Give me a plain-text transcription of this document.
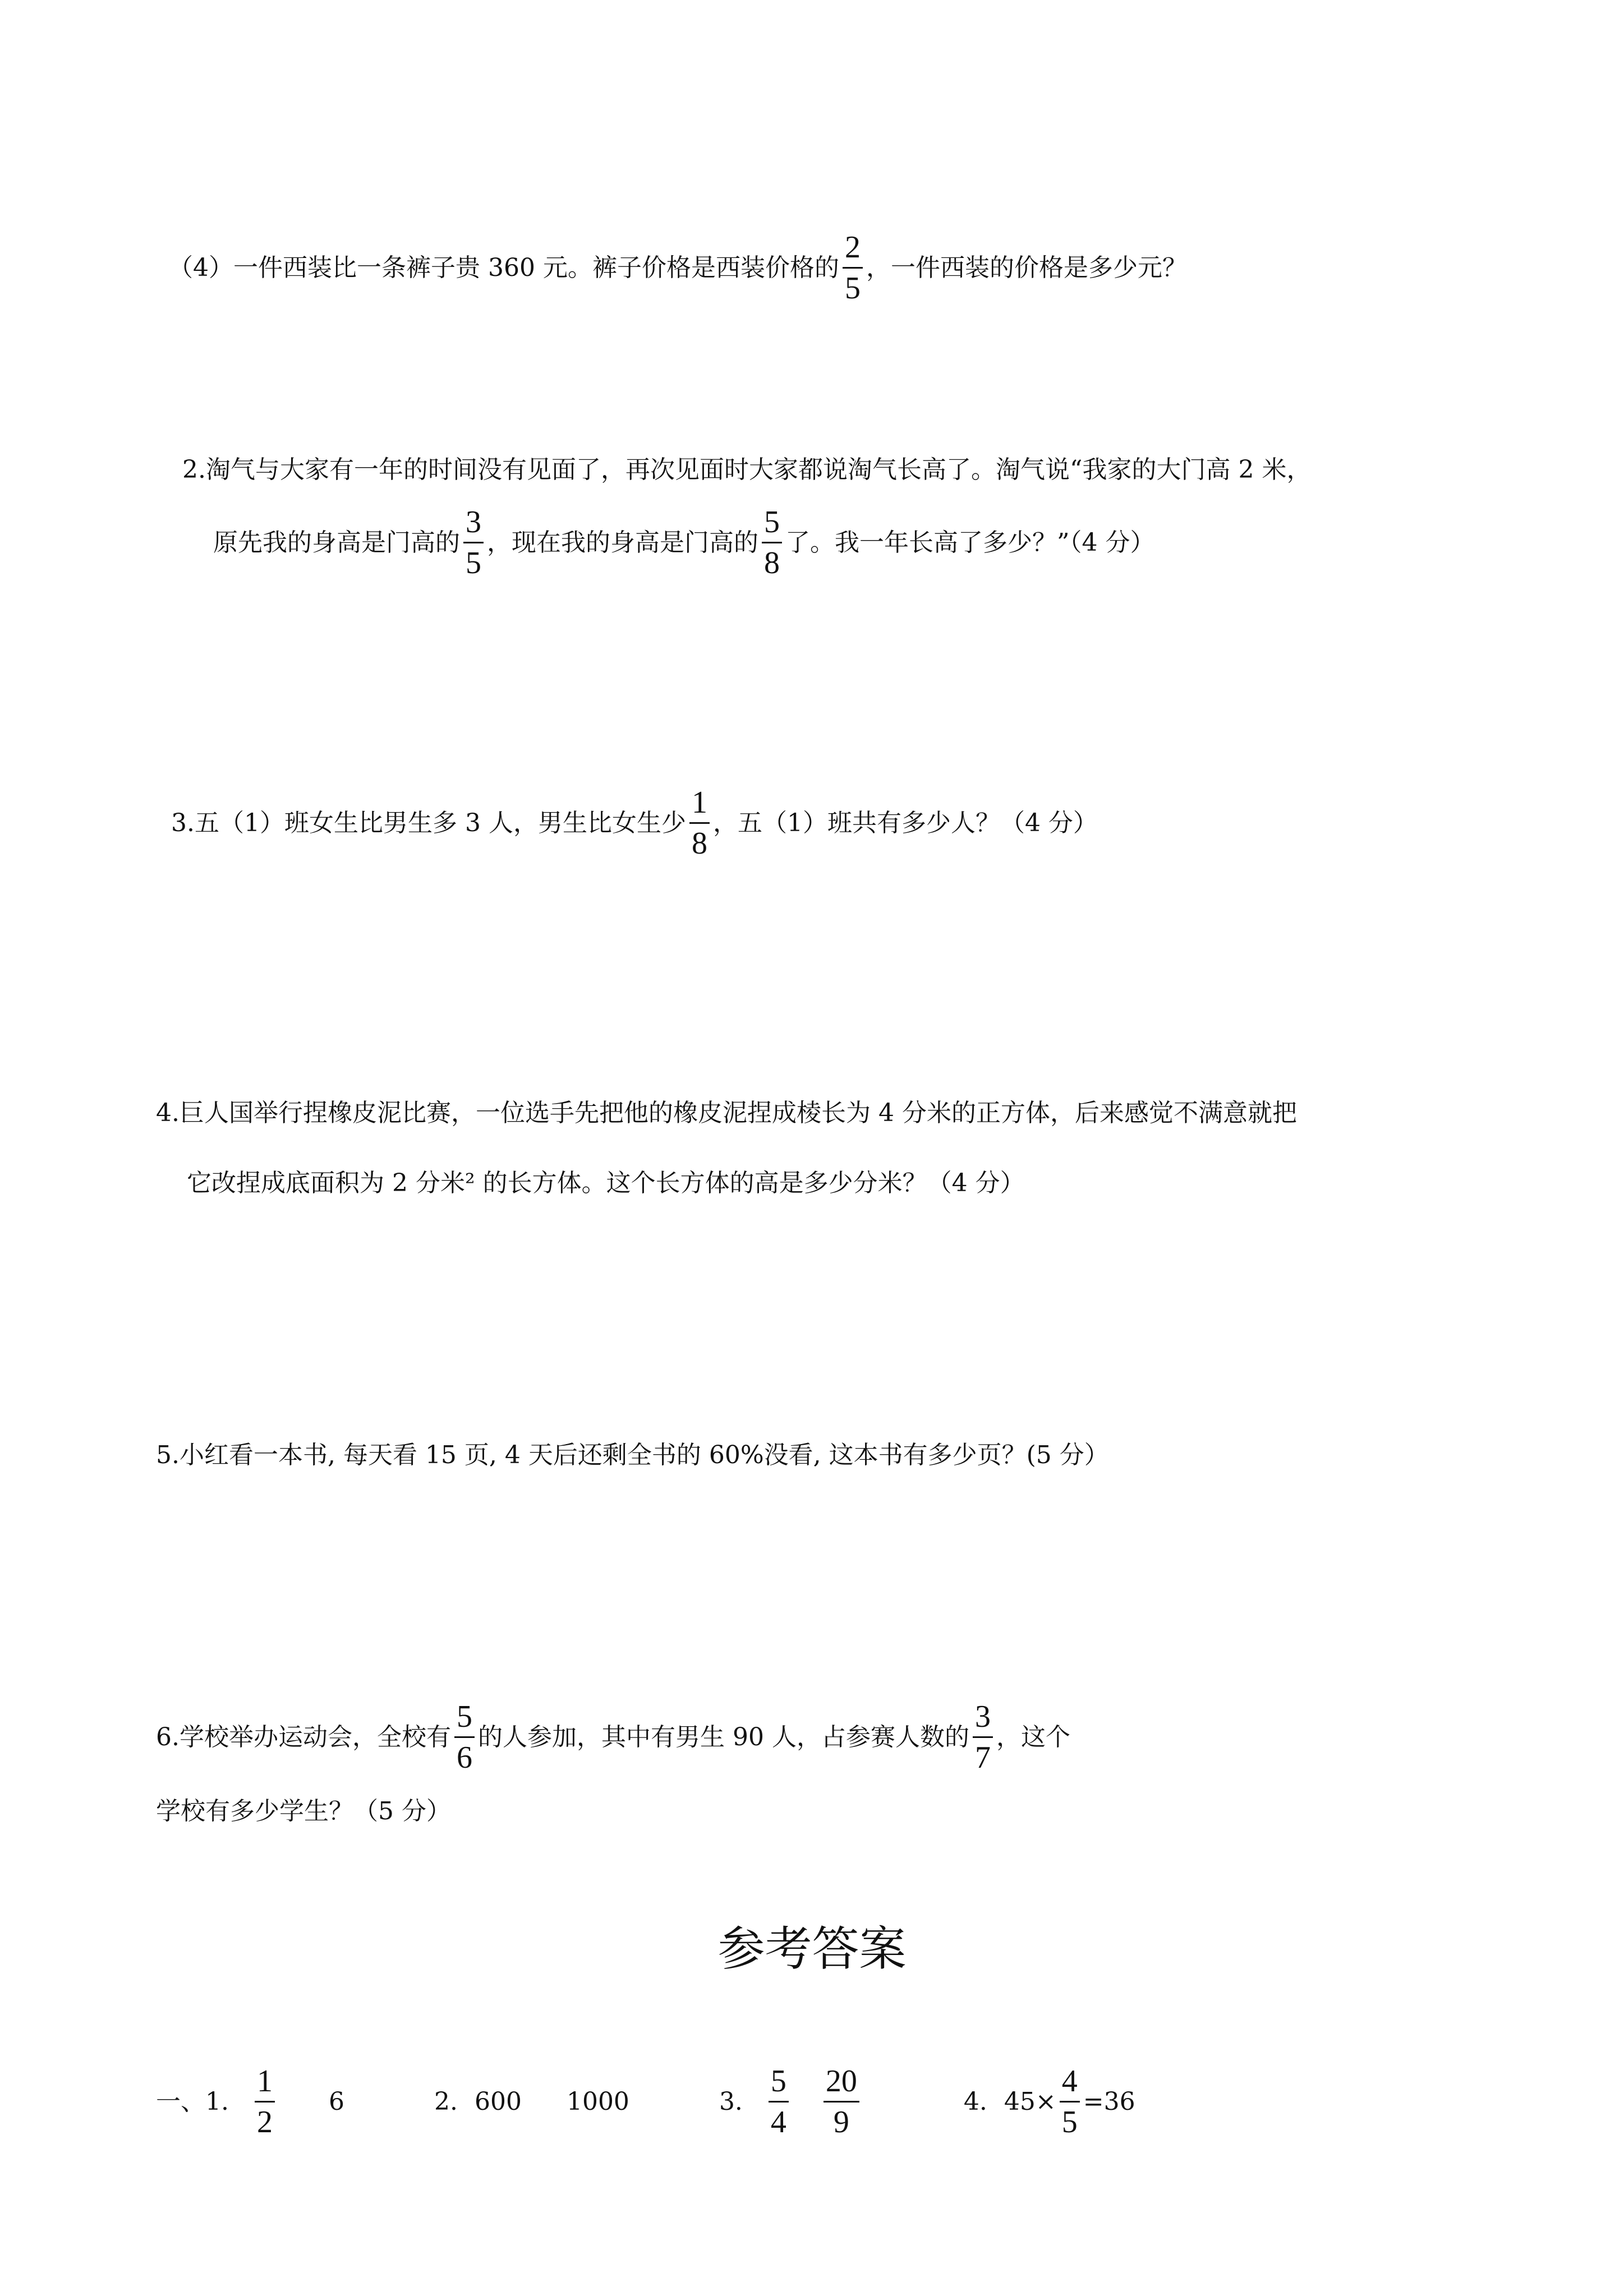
（4）一件西装比一条裤子贵 360 元。裤子价格是西装价格的 $\frac{2}{5}$ ，一件西装的价格是多少元？
2.淘气与大家有一年的时间没有见面了，再次见面时大家都说淘气长高了。淘气说“我家的大门高 2 米，
原先我的身高是门高的 $\frac{3}{5}$ ，现在我的身高是门高的 $\frac{5}{8}$ 了。我一年长高了多少？”（4 分）
3.五（1）班女生比男生多 3 人，男生比女生少 $\frac{1}{8}$ ，五（1）班共有多少人？（4 分）
4.巨人国举行捏橡皮泥比赛，一位选手先把他的橡皮泥捏成棱长为 4 分米的正方体，后来感觉不满意就把
它改捏成底面积为 2 分米² 的长方体。这个长方体的高是多少分米？（4 分）
5.小红看一本书, 每天看 15 页, 4 天后还剩全书的 60%没看, 这本书有多少页？(5 分）
6.学校举办运动会，全校有 $\frac{5}{6}$ 的人参加，其中有男生 90 人，占参赛人数的 $\frac{3}{7}$ ，这个
学校有多少学生？（5 分）
参考答案
一、1. $\frac{1}{2} 6$	2. 600 1000	3. $\frac{5}{4} \frac{20}{9}$	4. $45\times \frac{4}{5} =36$
